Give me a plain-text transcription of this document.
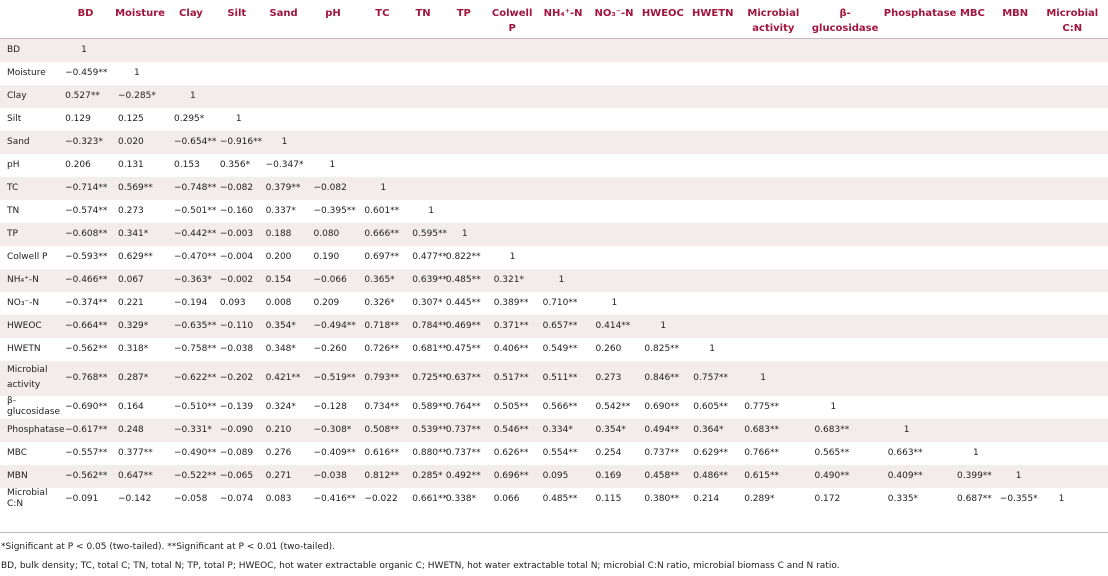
	BD	Moisture	Clay	Silt	Sand	pH	TC	TN	TP	Colwell P	NH₄⁺-N	NO₃⁻-N	HWEOC	HWETN	Microbial activity	β-glucosidase	Phosphatase	MBC	MBN	Microbial C:N
BD	1																			
Moisture	−0.459**	1																		
Clay	0.527**	−0.285*	1																	
Silt	0.129	0.125	0.295*	1																
Sand	−0.323*	0.020	−0.654**	−0.916**	1															
pH	0.206	0.131	0.153	0.356*	−0.347*	1														
TC	−0.714**	0.569**	−0.748**	−0.082	0.379**	−0.082	1													
TN	−0.574**	0.273	−0.501**	−0.160	0.337*	−0.395**	0.601**	1												
TP	−0.608**	0.341*	−0.442**	−0.003	0.188	0.080	0.666**	0.595**	1											
Colwell P	−0.593**	0.629**	−0.470**	−0.004	0.200	0.190	0.697**	0.477**	0.822**	1										
NH₄⁺-N	−0.466**	0.067	−0.363*	−0.002	0.154	−0.066	0.365*	0.639**	0.485**	0.321*	1									
NO₃⁻-N	−0.374**	0.221	−0.194	0.093	0.008	0.209	0.326*	0.307*	0.445**	0.389**	0.710**	1								
HWEOC	−0.664**	0.329*	−0.635**	−0.110	0.354*	−0.494**	0.718**	0.784**	0.469**	0.371**	0.657**	0.414**	1							
HWETN	−0.562**	0.318*	−0.758**	−0.038	0.348*	−0.260	0.726**	0.681**	0.475**	0.406**	0.549**	0.260	0.825**	1						
Microbial activity	−0.768**	0.287*	−0.622**	−0.202	0.421**	−0.519**	0.793**	0.725**	0.637**	0.517**	0.511**	0.273	0.846**	0.757**	1					
β-glucosidase	−0.690**	0.164	−0.510**	−0.139	0.324*	−0.128	0.734**	0.589**	0.764**	0.505**	0.566**	0.542**	0.690**	0.605**	0.775**	1				
Phosphatase	−0.617**	0.248	−0.331*	−0.090	0.210	−0.308*	0.508**	0.539**	0.737**	0.546**	0.334*	0.354*	0.494**	0.364*	0.683**	0.683**	1			
MBC	−0.557**	0.377**	−0.490**	−0.089	0.276	−0.409**	0.616**	0.880**	0.737**	0.626**	0.554**	0.254	0.737**	0.629**	0.766**	0.565**	0.663**	1		
MBN	−0.562**	0.647**	−0.522**	−0.065	0.271	−0.038	0.812**	0.285*	0.492**	0.696**	0.095	0.169	0.458**	0.486**	0.615**	0.490**	0.409**	0.399**	1	
Microbial C:N	−0.091	−0.142	−0.058	−0.074	0.083	−0.416**	−0.022	0.661**	0.338*	0.066	0.485**	0.115	0.380**	0.214	0.289*	0.172	0.335*	0.687**	−0.355*	1
*Significant at P < 0.05 (two-tailed). **Significant at P < 0.01 (two-tailed).
BD, bulk density; TC, total C; TN, total N; TP, total P; HWEOC, hot water extractable organic C; HWETN, hot water extractable total N; microbial C:N ratio, microbial biomass C and N ratio.
